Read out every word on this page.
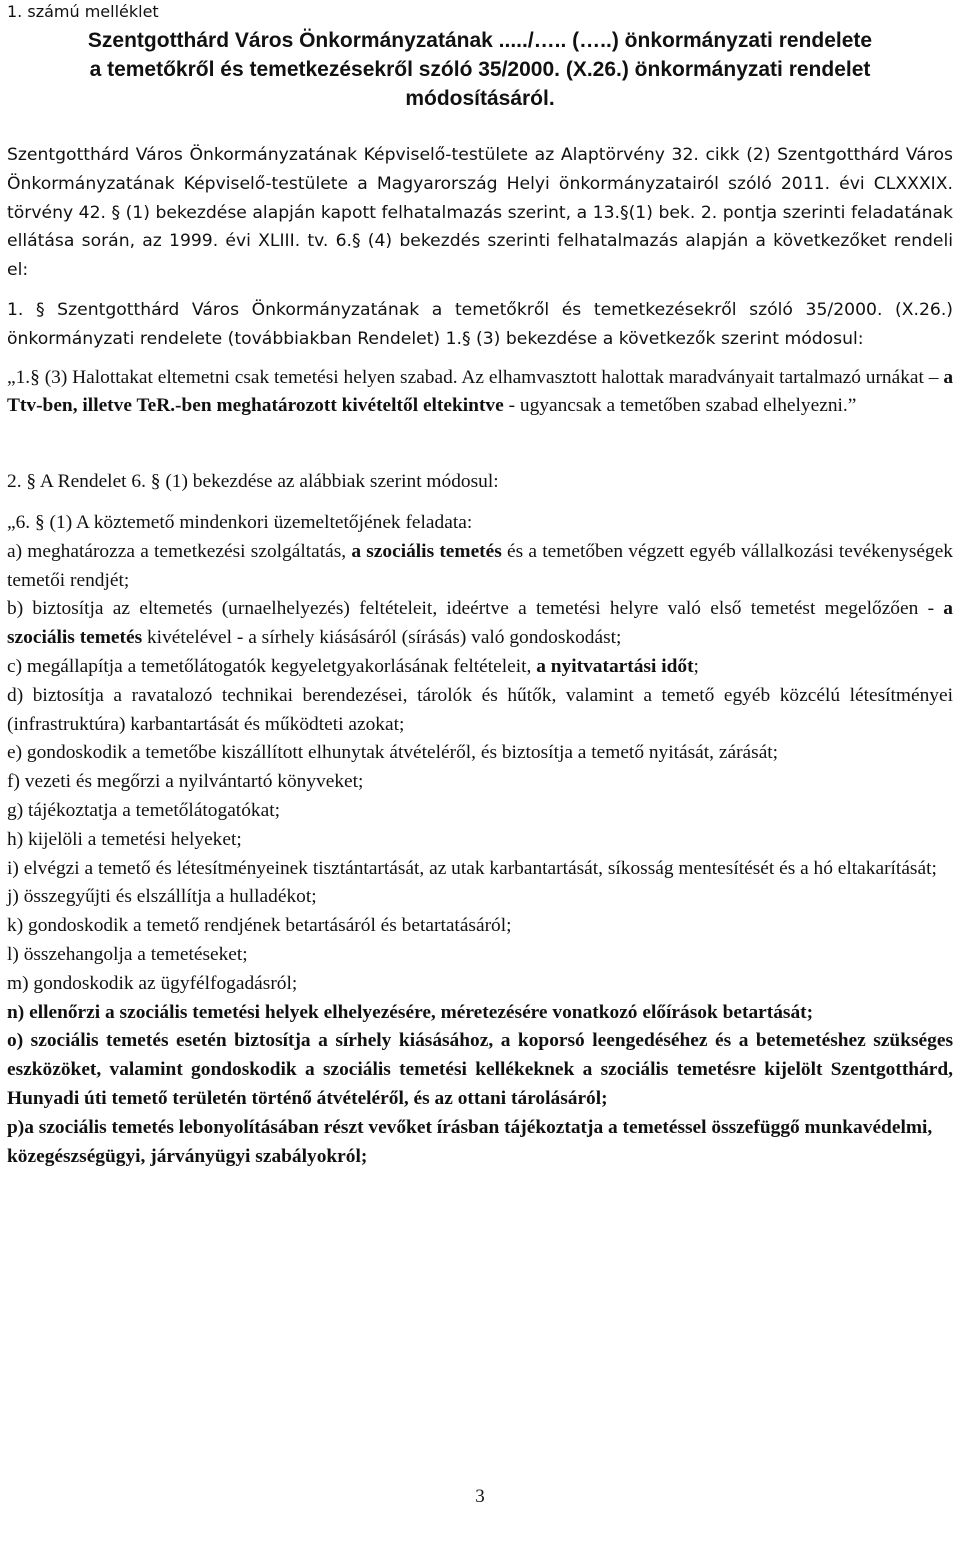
1. számú melléklet
Szentgotthárd Város Önkormányzatának ...../….. (…..) önkormányzati rendelete
a temetőkről és temetkezésekről szóló 35/2000. (X.26.) önkormányzati rendelet
módosításáról.

Szentgotthárd Város Önkormányzatának Képviselő-testülete az Alaptörvény 32. cikk (2) Szentgotthárd Város Önkormányzatának Képviselő-testülete a Magyarország Helyi önkormányzatairól szóló 2011. évi CLXXXIX. törvény 42. § (1) bekezdése alapján kapott felhatalmazás szerint, a 13.§(1) bek. 2. pontja szerinti feladatának ellátása során, az 1999. évi XLIII. tv. 6.§ (4) bekezdés szerinti felhatalmazás alapján a következőket rendeli el:

1. § Szentgotthárd Város Önkormányzatának a temetőkről és temetkezésekről szóló 35/2000. (X.26.) önkormányzati rendelete (továbbiakban Rendelet) 1.§ (3) bekezdése a következők szerint módosul:

„1.§ (3) Halottakat eltemetni csak temetési helyen szabad. Az elhamvasztott halottak maradványait tartalmazó urnákat – a Ttv-ben, illetve TeR.-ben meghatározott kivételtől eltekintve - ugyancsak a temetőben szabad elhelyezni.”

2. § A Rendelet 6. § (1) bekezdése az alábbiak szerint módosul:

„6. § (1) A köztemető mindenkori üzemeltetőjének feladata:

a) meghatározza a temetkezési szolgáltatás, a szociális temetés és a temetőben végzett egyéb vállalkozási tevékenységek temetői rendjét;

b) biztosítja az eltemetés (urnaelhelyezés) feltételeit, ideértve a temetési helyre való első temetést megelőzően - a szociális temetés kivételével - a sírhely kiásásáról (sírásás) való gondoskodást;

c) megállapítja a temetőlátogatók kegyeletgyakorlásának feltételeit, a nyitvatartási időt;

d) biztosítja a ravatalozó technikai berendezései, tárolók és hűtők, valamint a temető egyéb közcélú létesítményei (infrastruktúra) karbantartását és működteti azokat;

e) gondoskodik a temetőbe kiszállított elhunytak átvételéről, és biztosítja a temető nyitását, zárását;

f) vezeti és megőrzi a nyilvántartó könyveket;

g) tájékoztatja a temetőlátogatókat;

h) kijelöli a temetési helyeket;

i) elvégzi a temető és létesítményeinek tisztántartását, az utak karbantartását, síkosság mentesítését és a hó eltakarítását;

j) összegyűjti és elszállítja a hulladékot;

k) gondoskodik a temető rendjének betartásáról és betartatásáról;

l) összehangolja a temetéseket;

m) gondoskodik az ügyfélfogadásról;

n) ellenőrzi a szociális temetési helyek elhelyezésére, méretezésére vonatkozó előírások betartását;

o) szociális temetés esetén biztosítja a sírhely kiásásához, a koporsó leengedéséhez és a betemetéshez szükséges eszközöket, valamint gondoskodik a szociális temetési kellékeknek a szociális temetésre kijelölt Szentgotthárd, Hunyadi úti temető területén történő átvételéről, és az ottani tárolásáról;

p)a szociális temetés lebonyolításában részt vevőket írásban tájékoztatja a temetéssel összefüggő munkavédelmi, közegészségügyi, járványügyi szabályokról;

3
